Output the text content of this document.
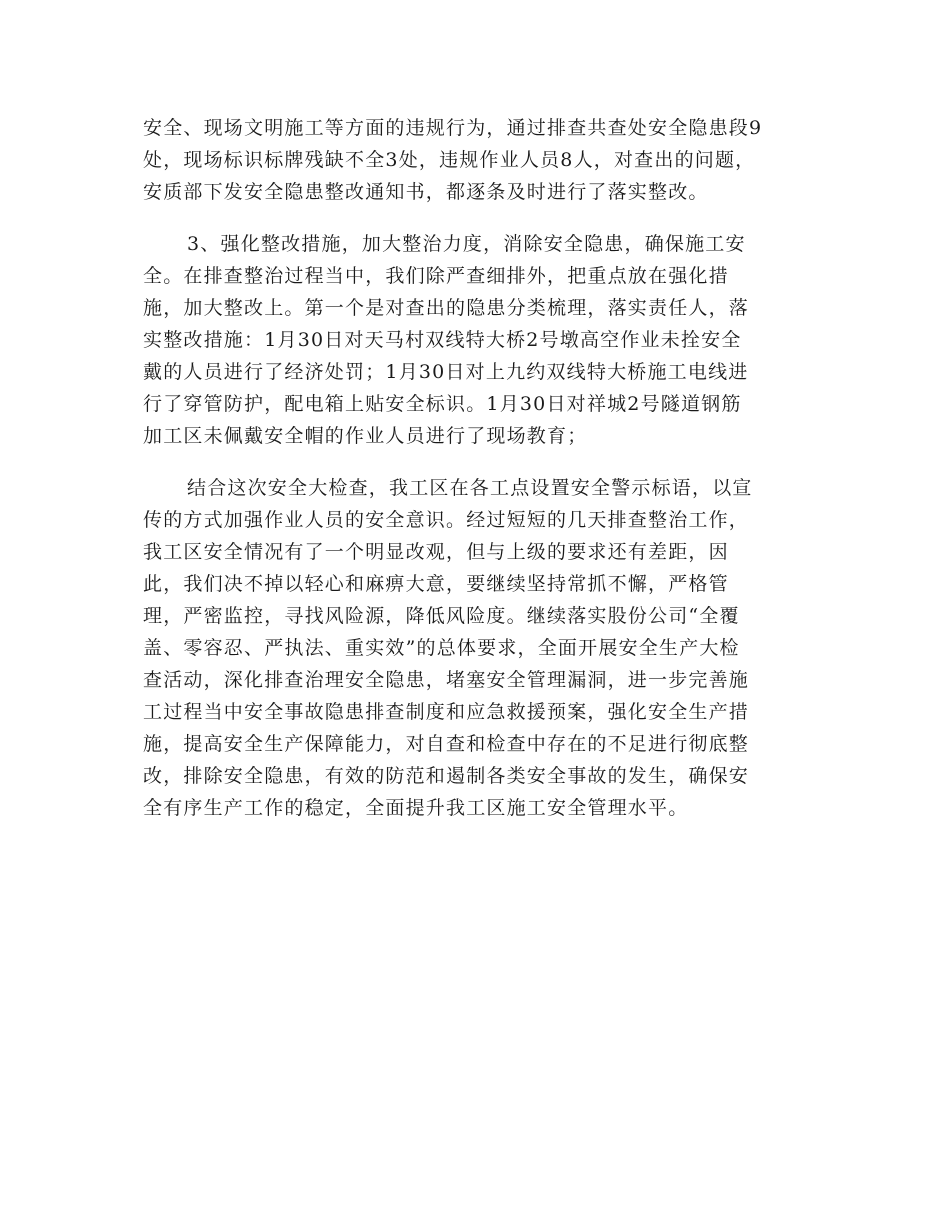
安全、现场文明施工等方面的违规行为，通过排查共查处安全隐患段9
处，现场标识标牌残缺不全3处，违规作业人员8人，对查出的问题，
安质部下发安全隐患整改通知书，都逐条及时进行了落实整改。

3、强化整改措施，加大整治力度，消除安全隐患，确保施工安
全。在排查整治过程当中，我们除严查细排外，把重点放在强化措
施，加大整改上。第一个是对查出的隐患分类梳理，落实责任人，落
实整改措施：1月30日对天马村双线特大桥2号墩高空作业未拴安全
戴的人员进行了经济处罚；1月30日对上九约双线特大桥施工电线进
行了穿管防护，配电箱上贴安全标识。1月30日对祥城2号隧道钢筋
加工区未佩戴安全帽的作业人员进行了现场教育；

结合这次安全大检查，我工区在各工点设置安全警示标语，以宣
传的方式加强作业人员的安全意识。经过短短的几天排查整治工作，
我工区安全情况有了一个明显改观，但与上级的要求还有差距，因
此，我们决不掉以轻心和麻痹大意，要继续坚持常抓不懈，严格管
理，严密监控，寻找风险源，降低风险度。继续落实股份公司“全覆
盖、零容忍、严执法、重实效”的总体要求，全面开展安全生产大检
查活动，深化排查治理安全隐患，堵塞安全管理漏洞，进一步完善施
工过程当中安全事故隐患排查制度和应急救援预案，强化安全生产措
施，提高安全生产保障能力，对自查和检查中存在的不足进行彻底整
改，排除安全隐患，有效的防范和遏制各类安全事故的发生，确保安
全有序生产工作的稳定，全面提升我工区施工安全管理水平。
